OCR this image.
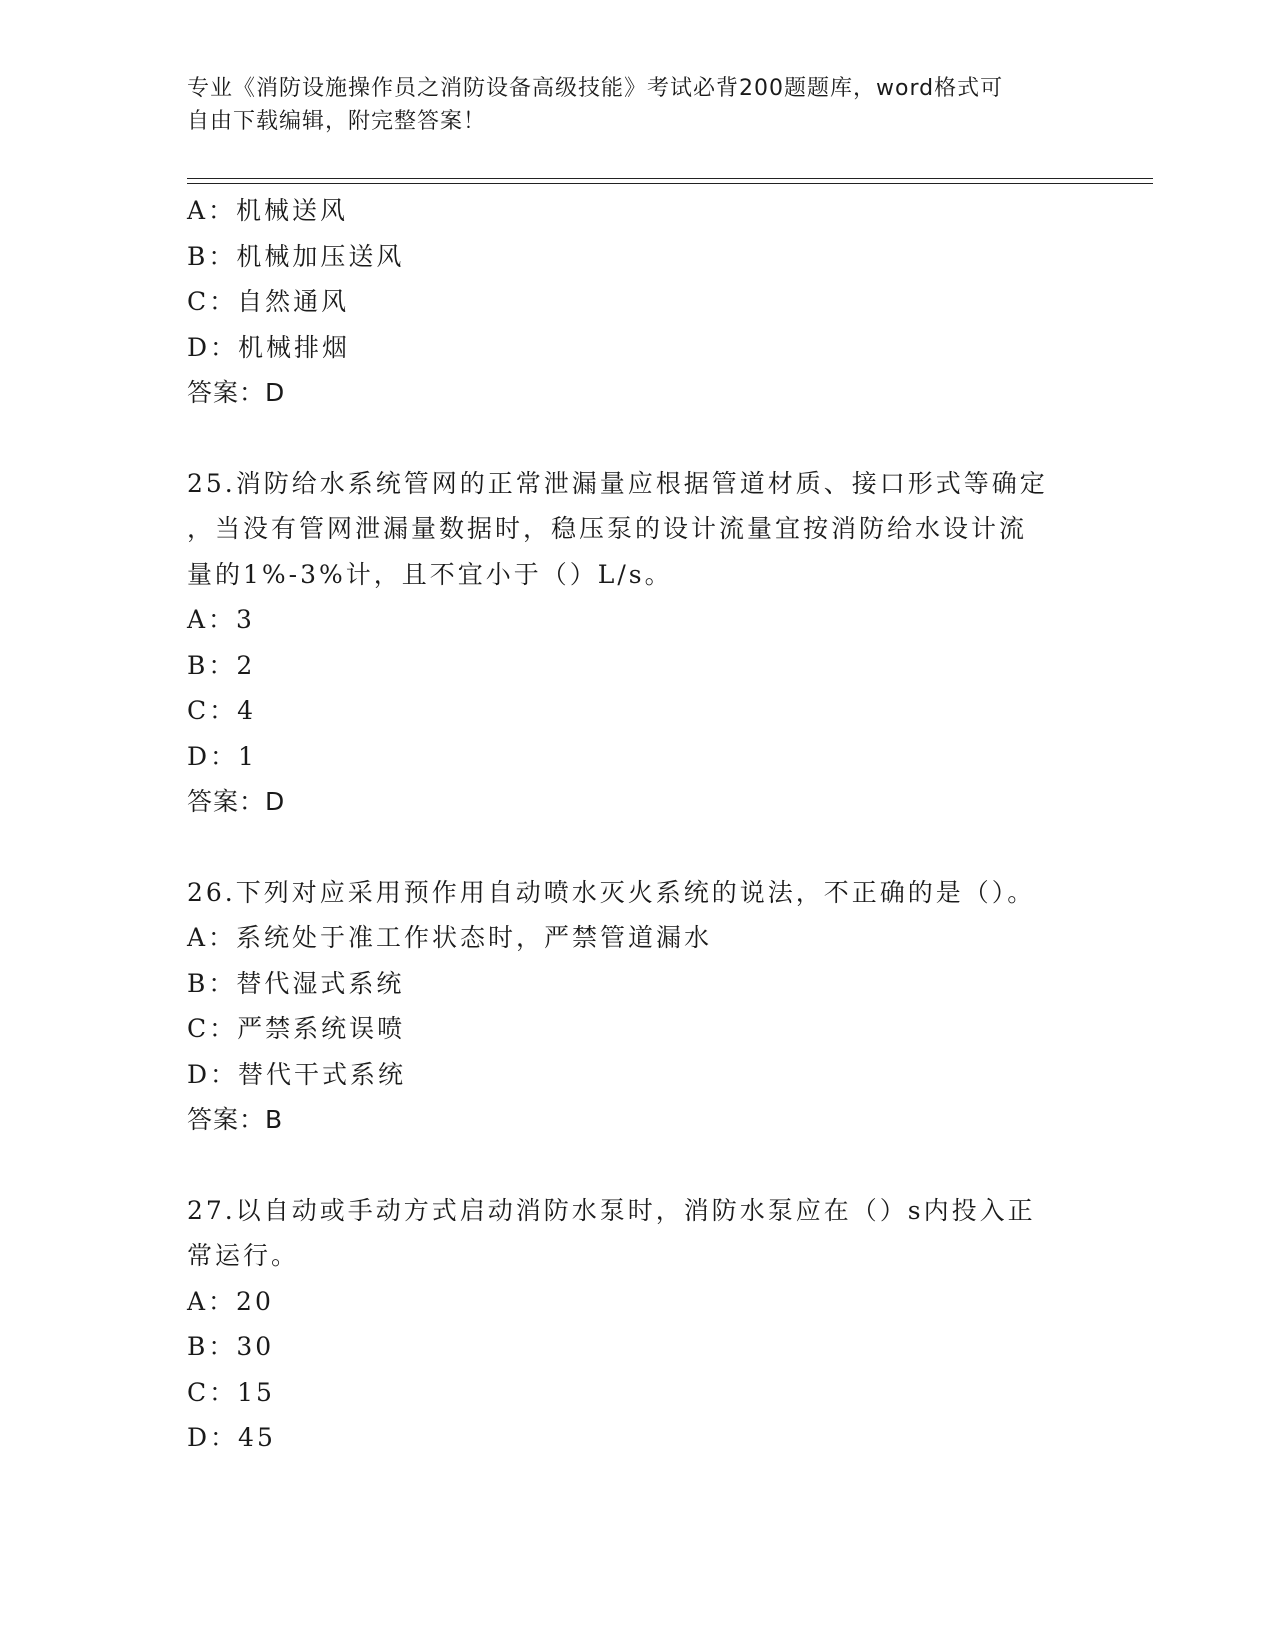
专业《消防设施操作员之消防设备高级技能》考试必背200题题库，word格式可
自由下载编辑，附完整答案！
A：机械送风
B：机械加压送风
C：自然通风
D：机械排烟
答案：D
25.消防给水系统管网的正常泄漏量应根据管道材质、接口形式等确定
，当没有管网泄漏量数据时，稳压泵的设计流量宜按消防给水设计流
量的1%-3%计，且不宜小于（）L/s。
A：3
B：2
C：4
D：1
答案：D
26.下列对应采用预作用自动喷水灭火系统的说法，不正确的是（）。
A：系统处于准工作状态时，严禁管道漏水
B：替代湿式系统
C：严禁系统误喷
D：替代干式系统
答案：B
27.以自动或手动方式启动消防水泵时，消防水泵应在（）s内投入正
常运行。
A：20
B：30
C：15
D：45
